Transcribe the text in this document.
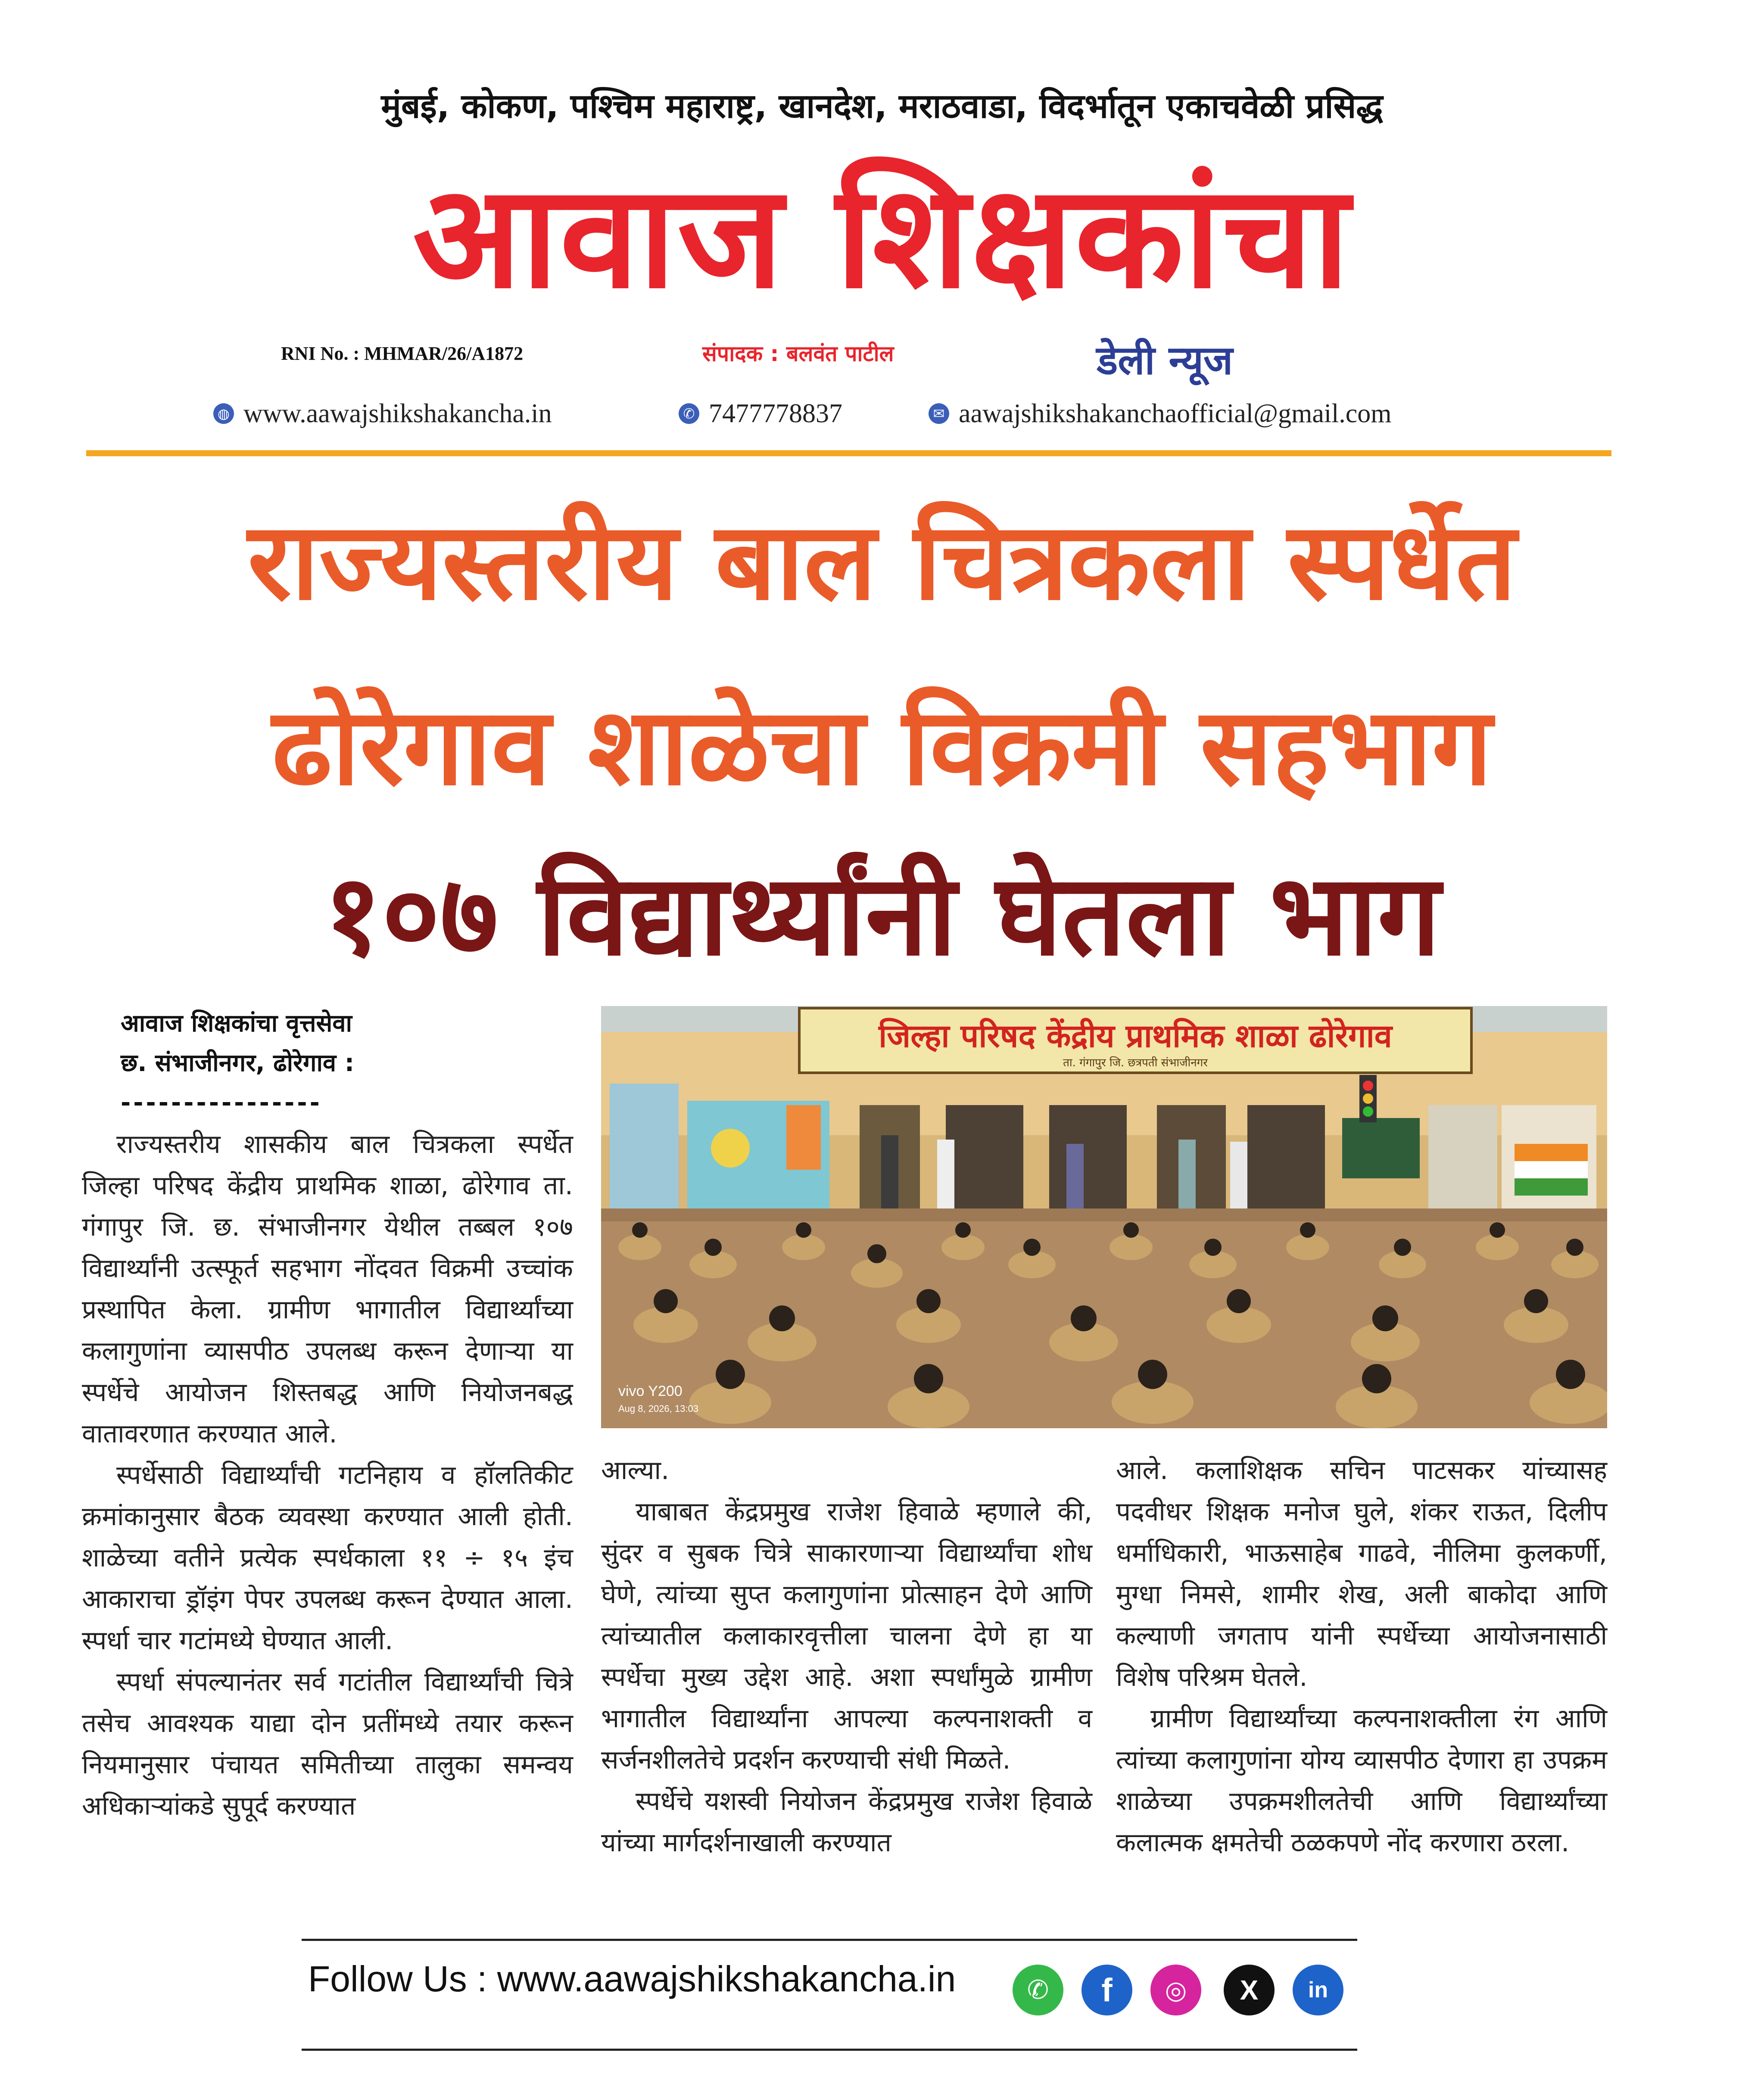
मुंबई, कोकण, पश्चिम महाराष्ट्र, खानदेश, मराठवाडा, विदर्भातून एकाचवेळी प्रसिद्ध
आवाज शिक्षकांचा
RNI No. : MHMAR/26/A1872	संपादक : बलवंत पाटील	डेली न्यूज
◍ www.aawajshikshakancha.in	✆ 7477778837	✉ aawajshikshakanchaofficial@gmail.com
राज्यस्तरीय बाल चित्रकला स्पर्धेत
ढोरेगाव शाळेचा विक्रमी सहभाग
१०७ विद्यार्थ्यांनी घेतला भाग
आवाज शिक्षकांचा वृत्तसेवा
छ. संभाजीनगर, ढोरेगाव :
----------------
जिल्हा परिषद केंद्रीय प्राथमिक शाळा ढोरेगाव
ता. गंगापुर जि. छत्रपती संभाजीनगर
vivo Y200
Aug 8, 2026, 13:03

राज्यस्तरीय शासकीय बाल चित्रकला स्पर्धेत जिल्हा परिषद केंद्रीय प्राथमिक शाळा, ढोरेगाव ता. गंगापुर जि. छ. संभाजीनगर येथील तब्बल १०७ विद्यार्थ्यांनी उत्स्फूर्त सहभाग नोंदवत विक्रमी उच्चांक प्रस्थापित केला. ग्रामीण भागातील विद्यार्थ्यांच्या कलागुणांना व्यासपीठ उपलब्ध करून देणाऱ्या या स्पर्धेचे आयोजन शिस्तबद्ध आणि नियोजनबद्ध वातावरणात करण्यात आले.

स्पर्धेसाठी विद्यार्थ्यांची गटनिहाय व हॉलतिकीट क्रमांकानुसार बैठक व्यवस्था करण्यात आली होती. शाळेच्या वतीने प्रत्येक स्पर्धकाला ११ ÷ १५ इंच आकाराचा ड्रॉइंग पेपर उपलब्ध करून देण्यात आला. स्पर्धा चार गटांमध्ये घेण्यात आली.

स्पर्धा संपल्यानंतर सर्व गटांतील विद्यार्थ्यांची चित्रे तसेच आवश्यक याद्या दोन प्रतींमध्ये तयार करून नियमानुसार पंचायत समितीच्या तालुका समन्वय अधिकाऱ्यांकडे सुपूर्द करण्यात

आल्या.

याबाबत केंद्रप्रमुख राजेश हिवाळे म्हणाले की, सुंदर व सुबक चित्रे साकारणाऱ्या विद्यार्थ्यांचा शोध घेणे, त्यांच्या सुप्त कलागुणांना प्रोत्साहन देणे आणि त्यांच्यातील कलाकारवृत्तीला चालना देणे हा या स्पर्धेचा मुख्य उद्देश आहे. अशा स्पर्धांमुळे ग्रामीण भागातील विद्यार्थ्यांना आपल्या कल्पनाशक्ती व सर्जनशीलतेचे प्रदर्शन करण्याची संधी मिळते.

स्पर्धेचे यशस्वी नियोजन केंद्रप्रमुख राजेश हिवाळे यांच्या मार्गदर्शनाखाली करण्यात

आले. कलाशिक्षक सचिन पाटसकर यांच्यासह पदवीधर शिक्षक मनोज घुले, शंकर राऊत, दिलीप धर्माधिकारी, भाऊसाहेब गाढवे, नीलिमा कुलकर्णी, मुग्धा निमसे, शामीर शेख, अली बाकोदा आणि कल्याणी जगताप यांनी स्पर्धेच्या आयोजनासाठी विशेष परिश्रम घेतले.

ग्रामीण विद्यार्थ्यांच्या कल्पनाशक्तीला रंग आणि त्यांच्या कलागुणांना योग्य व्यासपीठ देणारा हा उपक्रम शाळेच्या उपक्रमशीलतेची आणि विद्यार्थ्यांच्या कलात्मक क्षमतेची ठळकपणे नोंद करणारा ठरला.

Follow Us : www.aawajshikshakancha.in	✆	f	◎	X	in
